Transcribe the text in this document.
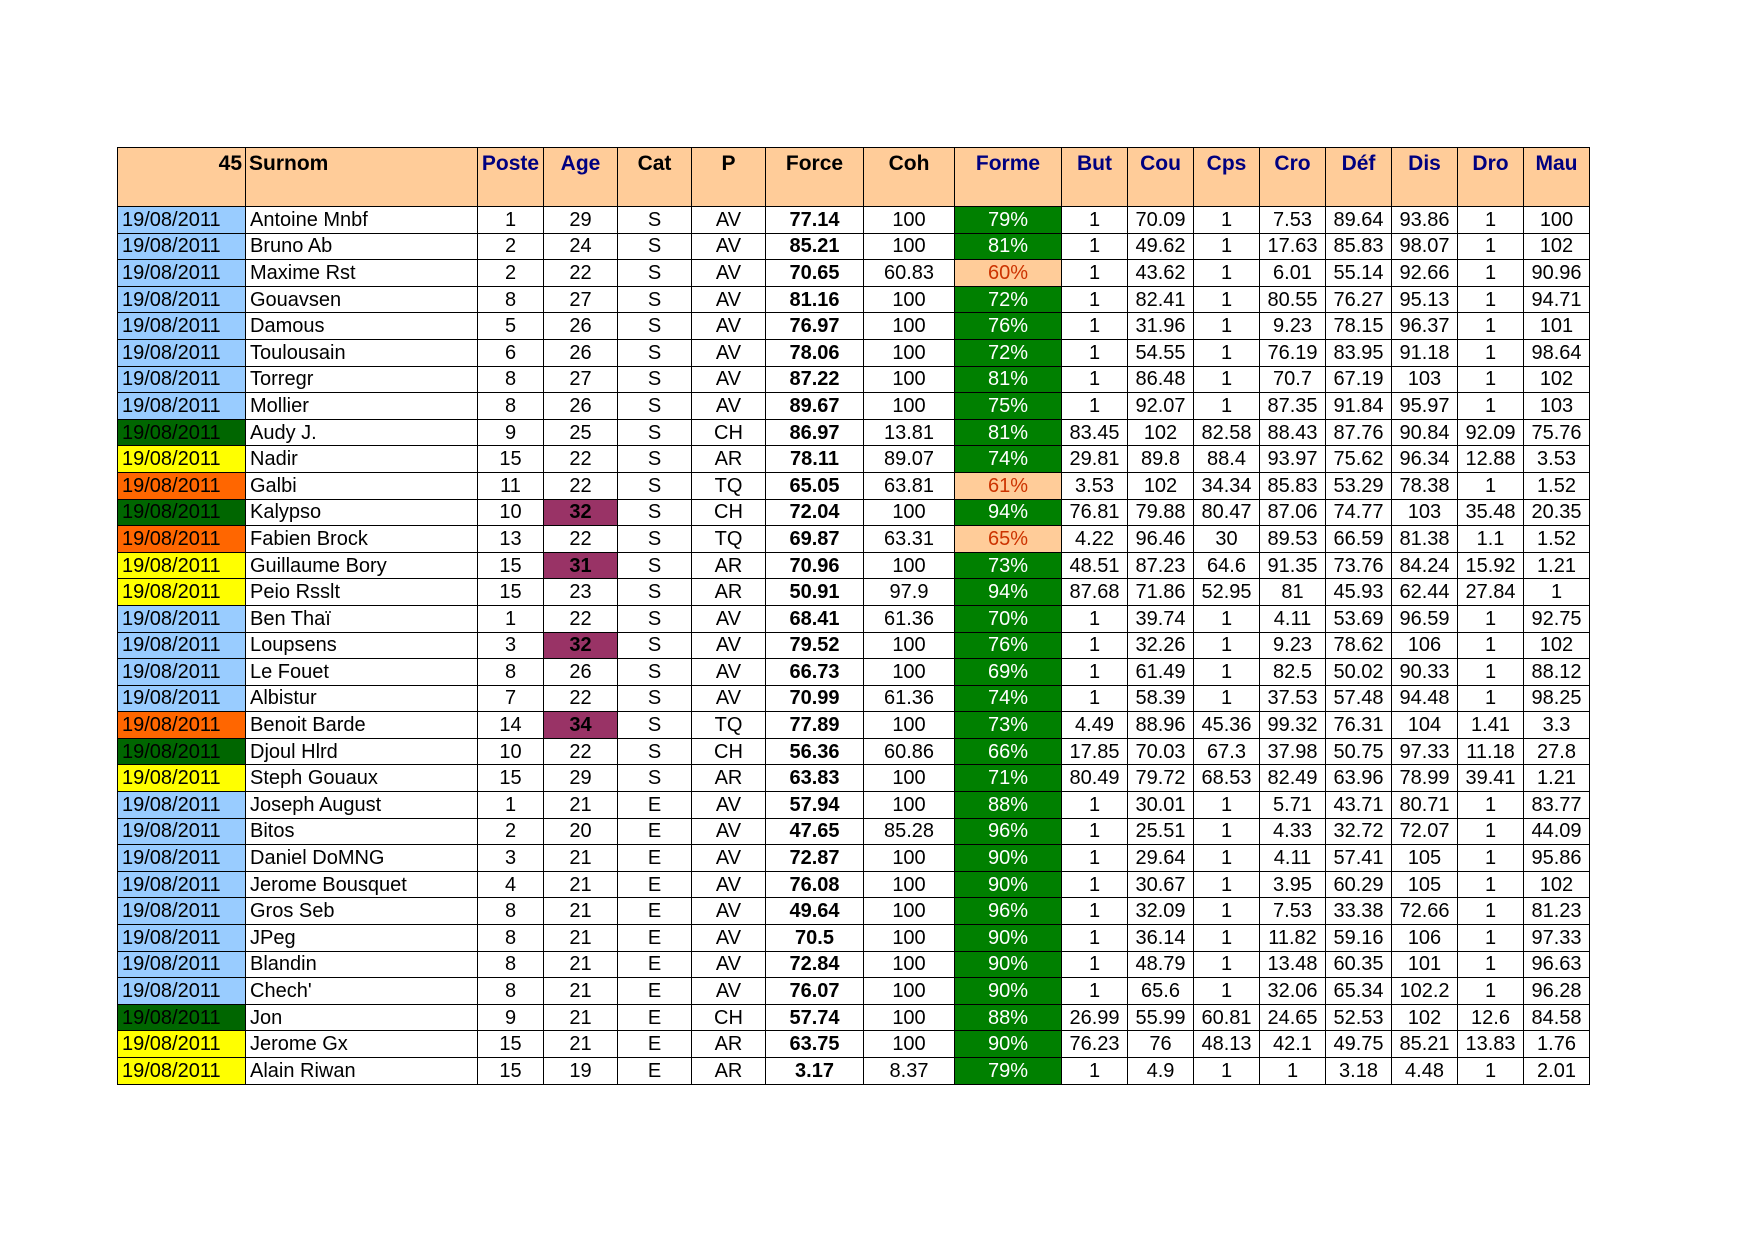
45	Surnom	Poste	Age	Cat	P	Force	Coh	Forme	But	Cou	Cps	Cro	Déf	Dis	Dro	Mau
19/08/2011	Antoine Mnbf	1	29	S	AV	77.14	100	79%	1	70.09	1	7.53	89.64	93.86	1	100
19/08/2011	Bruno Ab	2	24	S	AV	85.21	100	81%	1	49.62	1	17.63	85.83	98.07	1	102
19/08/2011	Maxime Rst	2	22	S	AV	70.65	60.83	60%	1	43.62	1	6.01	55.14	92.66	1	90.96
19/08/2011	Gouavsen	8	27	S	AV	81.16	100	72%	1	82.41	1	80.55	76.27	95.13	1	94.71
19/08/2011	Damous	5	26	S	AV	76.97	100	76%	1	31.96	1	9.23	78.15	96.37	1	101
19/08/2011	Toulousain	6	26	S	AV	78.06	100	72%	1	54.55	1	76.19	83.95	91.18	1	98.64
19/08/2011	Torregr	8	27	S	AV	87.22	100	81%	1	86.48	1	70.7	67.19	103	1	102
19/08/2011	Mollier	8	26	S	AV	89.67	100	75%	1	92.07	1	87.35	91.84	95.97	1	103
19/08/2011	Audy J.	9	25	S	CH	86.97	13.81	81%	83.45	102	82.58	88.43	87.76	90.84	92.09	75.76
19/08/2011	Nadir	15	22	S	AR	78.11	89.07	74%	29.81	89.8	88.4	93.97	75.62	96.34	12.88	3.53
19/08/2011	Galbi	11	22	S	TQ	65.05	63.81	61%	3.53	102	34.34	85.83	53.29	78.38	1	1.52
19/08/2011	Kalypso	10	32	S	CH	72.04	100	94%	76.81	79.88	80.47	87.06	74.77	103	35.48	20.35
19/08/2011	Fabien Brock	13	22	S	TQ	69.87	63.31	65%	4.22	96.46	30	89.53	66.59	81.38	1.1	1.52
19/08/2011	Guillaume Bory	15	31	S	AR	70.96	100	73%	48.51	87.23	64.6	91.35	73.76	84.24	15.92	1.21
19/08/2011	Peio Rsslt	15	23	S	AR	50.91	97.9	94%	87.68	71.86	52.95	81	45.93	62.44	27.84	1
19/08/2011	Ben Thaï	1	22	S	AV	68.41	61.36	70%	1	39.74	1	4.11	53.69	96.59	1	92.75
19/08/2011	Loupsens	3	32	S	AV	79.52	100	76%	1	32.26	1	9.23	78.62	106	1	102
19/08/2011	Le Fouet	8	26	S	AV	66.73	100	69%	1	61.49	1	82.5	50.02	90.33	1	88.12
19/08/2011	Albistur	7	22	S	AV	70.99	61.36	74%	1	58.39	1	37.53	57.48	94.48	1	98.25
19/08/2011	Benoit Barde	14	34	S	TQ	77.89	100	73%	4.49	88.96	45.36	99.32	76.31	104	1.41	3.3
19/08/2011	Djoul Hlrd	10	22	S	CH	56.36	60.86	66%	17.85	70.03	67.3	37.98	50.75	97.33	11.18	27.8
19/08/2011	Steph Gouaux	15	29	S	AR	63.83	100	71%	80.49	79.72	68.53	82.49	63.96	78.99	39.41	1.21
19/08/2011	Joseph August	1	21	E	AV	57.94	100	88%	1	30.01	1	5.71	43.71	80.71	1	83.77
19/08/2011	Bitos	2	20	E	AV	47.65	85.28	96%	1	25.51	1	4.33	32.72	72.07	1	44.09
19/08/2011	Daniel DoMNG	3	21	E	AV	72.87	100	90%	1	29.64	1	4.11	57.41	105	1	95.86
19/08/2011	Jerome Bousquet	4	21	E	AV	76.08	100	90%	1	30.67	1	3.95	60.29	105	1	102
19/08/2011	Gros Seb	8	21	E	AV	49.64	100	96%	1	32.09	1	7.53	33.38	72.66	1	81.23
19/08/2011	JPeg	8	21	E	AV	70.5	100	90%	1	36.14	1	11.82	59.16	106	1	97.33
19/08/2011	Blandin	8	21	E	AV	72.84	100	90%	1	48.79	1	13.48	60.35	101	1	96.63
19/08/2011	Chech'	8	21	E	AV	76.07	100	90%	1	65.6	1	32.06	65.34	102.2	1	96.28
19/08/2011	Jon	9	21	E	CH	57.74	100	88%	26.99	55.99	60.81	24.65	52.53	102	12.6	84.58
19/08/2011	Jerome Gx	15	21	E	AR	63.75	100	90%	76.23	76	48.13	42.1	49.75	85.21	13.83	1.76
19/08/2011	Alain Riwan	15	19	E	AR	3.17	8.37	79%	1	4.9	1	1	3.18	4.48	1	2.01
